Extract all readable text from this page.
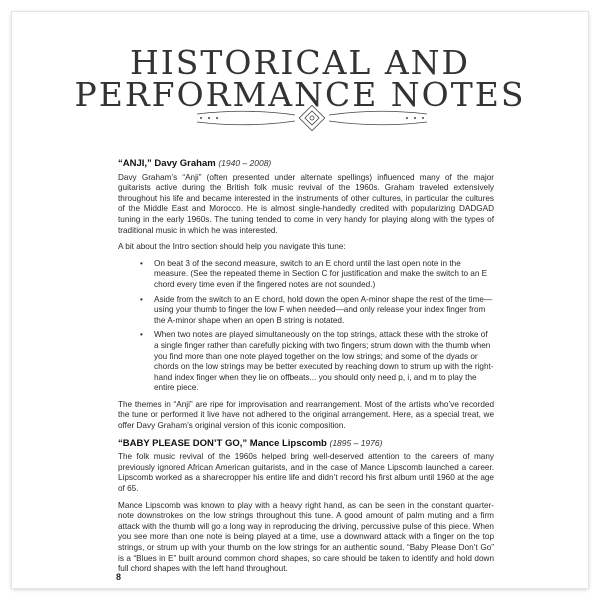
HISTORICAL AND
PERFORMANCE NOTES
“ANJI,” Davy Graham (1940 – 2008)

Davy Graham’s “Anji” (often presented under alternate spellings) influenced many of the major guitarists active during the British folk music revival of the 1960s. Graham traveled extensively throughout his life and became interested in the instruments of other cultures, in particular the cultures of the Middle East and Morocco. He is almost single-handedly credited with popularizing DADGAD tuning in the early 1960s. The tuning tended to come in very handy for playing along with the types of traditional music in which he was interested.

A bit about the Intro section should help you navigate this tune:

• On beat 3 of the second measure, switch to an E chord until the last open note in the measure. (See the repeated theme in Section C for justification and make the switch to an E chord every time even if the fingered notes are not sounded.)
• Aside from the switch to an E chord, hold down the open A-minor shape the rest of the time—using your thumb to finger the low F when needed—and only release your index finger from the A-minor shape when an open B string is notated.
• When two notes are played simultaneously on the top strings, attack these with the stroke of a single finger rather than carefully picking with two fingers; strum down with the thumb when you find more than one note played together on the low strings; and some of the dyads or chords on the low strings may be better executed by reaching down to strum up with the right-hand index finger when they lie on offbeats... you should only need p, i, and m to play the entire piece.

The themes in “Anji” are ripe for improvisation and rearrangement. Most of the artists who’ve recorded the tune or performed it live have not adhered to the original arrangement. Here, as a special treat, we offer Davy Graham’s original version of this iconic composition.

“BABY PLEASE DON’T GO,” Mance Lipscomb (1895 – 1976)

The folk music revival of the 1960s helped bring well-deserved attention to the careers of many previously ignored African American guitarists, and in the case of Mance Lipscomb launched a career. Lipscomb worked as a sharecropper his entire life and didn’t record his first album until 1960 at the age of 65.

Mance Lipscomb was known to play with a heavy right hand, as can be seen in the constant quarter-note downstrokes on the low strings throughout this tune. A good amount of palm muting and a firm attack with the thumb will go a long way in reproducing the driving, percussive pulse of this piece. When you see more than one note is being played at a time, use a downward attack with a finger on the top strings, or strum up with your thumb on the low strings for an authentic sound. “Baby Please Don’t Go” is a “Blues in E” built around common chord shapes, so care should be taken to identify and hold down full chord shapes with the left hand throughout.

8
